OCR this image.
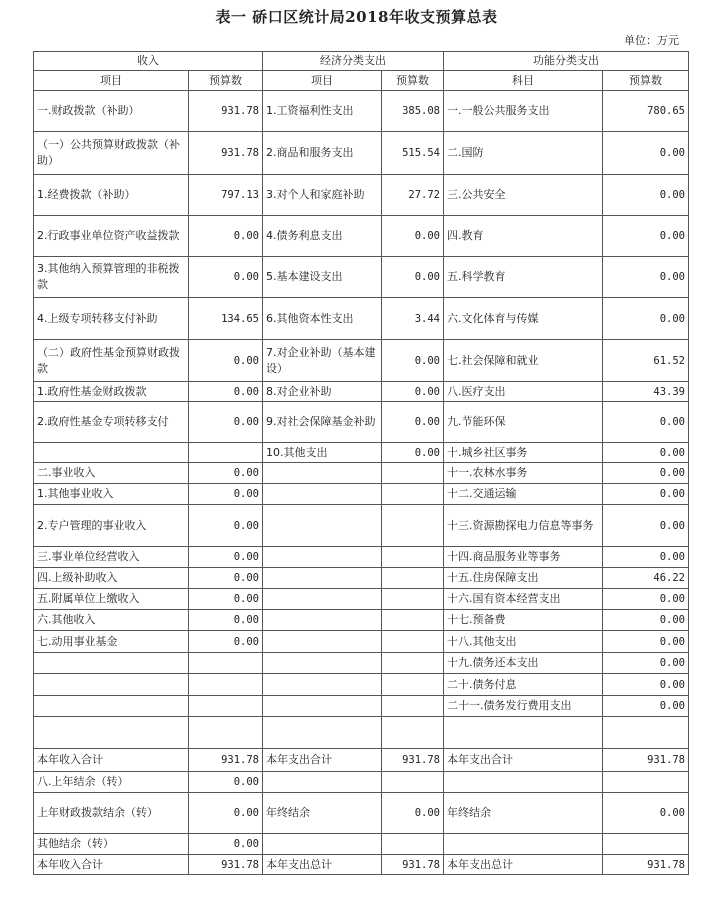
表一 硚口区统计局2018年收支预算总表
单位：万元
收入		经济分类支出		功能分类支出	
项目	预算数	项目	预算数	科目	预算数
一.财政拨款（补助）	931.78	1.工资福利性支出	385.08	一.一般公共服务支出	780.65
（一）公共预算财政拨款（补助）	931.78	2.商品和服务支出	515.54	二.国防	0.00
1.经费拨款（补助）	797.13	3.对个人和家庭补助	27.72	三.公共安全	0.00
2.行政事业单位资产收益拨款	0.00	4.债务利息支出	0.00	四.教育	0.00
3.其他纳入预算管理的非税拨款	0.00	5.基本建设支出	0.00	五.科学教育	0.00
4.上级专项转移支付补助	134.65	6.其他资本性支出	3.44	六.文化体育与传媒	0.00
（二）政府性基金预算财政拨款	0.00	7.对企业补助（基本建设）	0.00	七.社会保障和就业	61.52
1.政府性基金财政拨款	0.00	8.对企业补助	0.00	八.医疗支出	43.39
2.政府性基金专项转移支付	0.00	9.对社会保障基金补助	0.00	九.节能环保	0.00
		10.其他支出	0.00	十.城乡社区事务	0.00
二.事业收入	0.00			十一.农林水事务	0.00
1.其他事业收入	0.00			十二.交通运输	0.00
2.专户管理的事业收入	0.00			十三.资源勘探电力信息等事务	0.00
三.事业单位经营收入	0.00			十四.商品服务业等事务	0.00
四.上级补助收入	0.00			十五.住房保障支出	46.22
五.附属单位上缴收入	0.00			十六.国有资本经营支出	0.00
六.其他收入	0.00			十七.预备费	0.00
七.动用事业基金	0.00			十八.其他支出	0.00
				十九.债务还本支出	0.00
				二十.债务付息	0.00
				二十一.债务发行费用支出	0.00

本年收入合计	931.78	本年支出合计	931.78	本年支出合计	931.78
八.上年结余（转）	0.00				
上年财政拨款结余（转）	0.00	年终结余	0.00	年终结余	0.00
其他结余（转）	0.00				
本年收入合计	931.78	本年支出总计	931.78	本年支出总计	931.78
